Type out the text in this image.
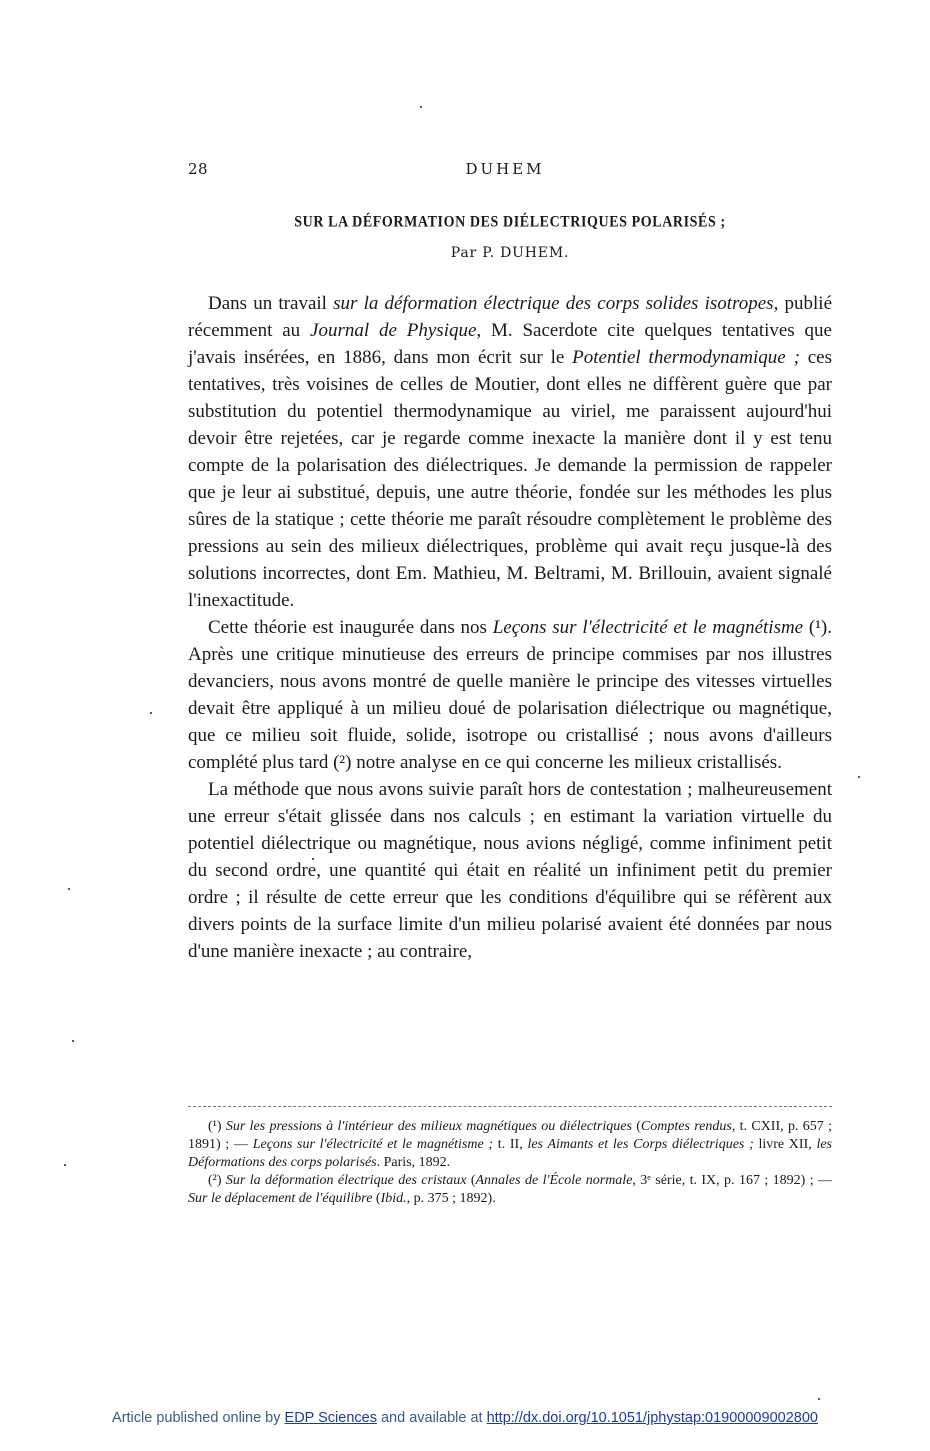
28	DUHEM
SUR LA DÉFORMATION DES DIÉLECTRIQUES POLARISÉS ;
Par P. DUHEM.

Dans un travail sur la déformation électrique des corps solides isotropes, publié récemment au Journal de Physique, M. Sacerdote cite quelques tentatives que j'avais insérées, en 1886, dans mon écrit sur le Potentiel thermodynamique ; ces tentatives, très voisines de celles de Moutier, dont elles ne diffèrent guère que par substitution du potentiel thermodynamique au viriel, me paraissent aujourd'hui devoir être rejetées, car je regarde comme inexacte la manière dont il y est tenu compte de la polarisation des diélectriques. Je demande la permission de rappeler que je leur ai substitué, depuis, une autre théorie, fondée sur les méthodes les plus sûres de la statique ; cette théorie me paraît résoudre complètement le problème des pressions au sein des milieux diélectriques, problème qui avait reçu jusque-là des solutions incorrectes, dont Em. Mathieu, M. Beltrami, M. Brillouin, avaient signalé l'inexactitude.

Cette théorie est inaugurée dans nos Leçons sur l'électricité et le magnétisme (¹). Après une critique minutieuse des erreurs de principe commises par nos illustres devanciers, nous avons montré de quelle manière le principe des vitesses virtuelles devait être appliqué à un milieu doué de polarisation diélectrique ou magnétique, que ce milieu soit fluide, solide, isotrope ou cristallisé ; nous avons d'ailleurs complété plus tard (²) notre analyse en ce qui concerne les milieux cristallisés.

La méthode que nous avons suivie paraît hors de contestation ; malheureusement une erreur s'était glissée dans nos calculs ; en estimant la variation virtuelle du potentiel diélectrique ou magnétique, nous avions négligé, comme infiniment petit du second ordre, une quantité qui était en réalité un infiniment petit du premier ordre ; il résulte de cette erreur que les conditions d'équilibre qui se réfèrent aux divers points de la surface limite d'un milieu polarisé avaient été données par nous d'une manière inexacte ; au contraire,

(¹) Sur les pressions à l'intérieur des milieux magnétiques ou diélectriques (Comptes rendus, t. CXII, p. 657 ; 1891) ; — Leçons sur l'électricité et le magnétisme ; t. II, les Aimants et les Corps diélectriques ; livre XII, les Déformations des corps polarisés. Paris, 1892.

(²) Sur la déformation électrique des cristaux (Annales de l'École normale, 3ᵉ série, t. IX, p. 167 ; 1892) ; — Sur le déplacement de l'équilibre (Ibid., p. 375 ; 1892).

Article published online by EDP Sciences and available at http://dx.doi.org/10.1051/jphystap:01900009002800
